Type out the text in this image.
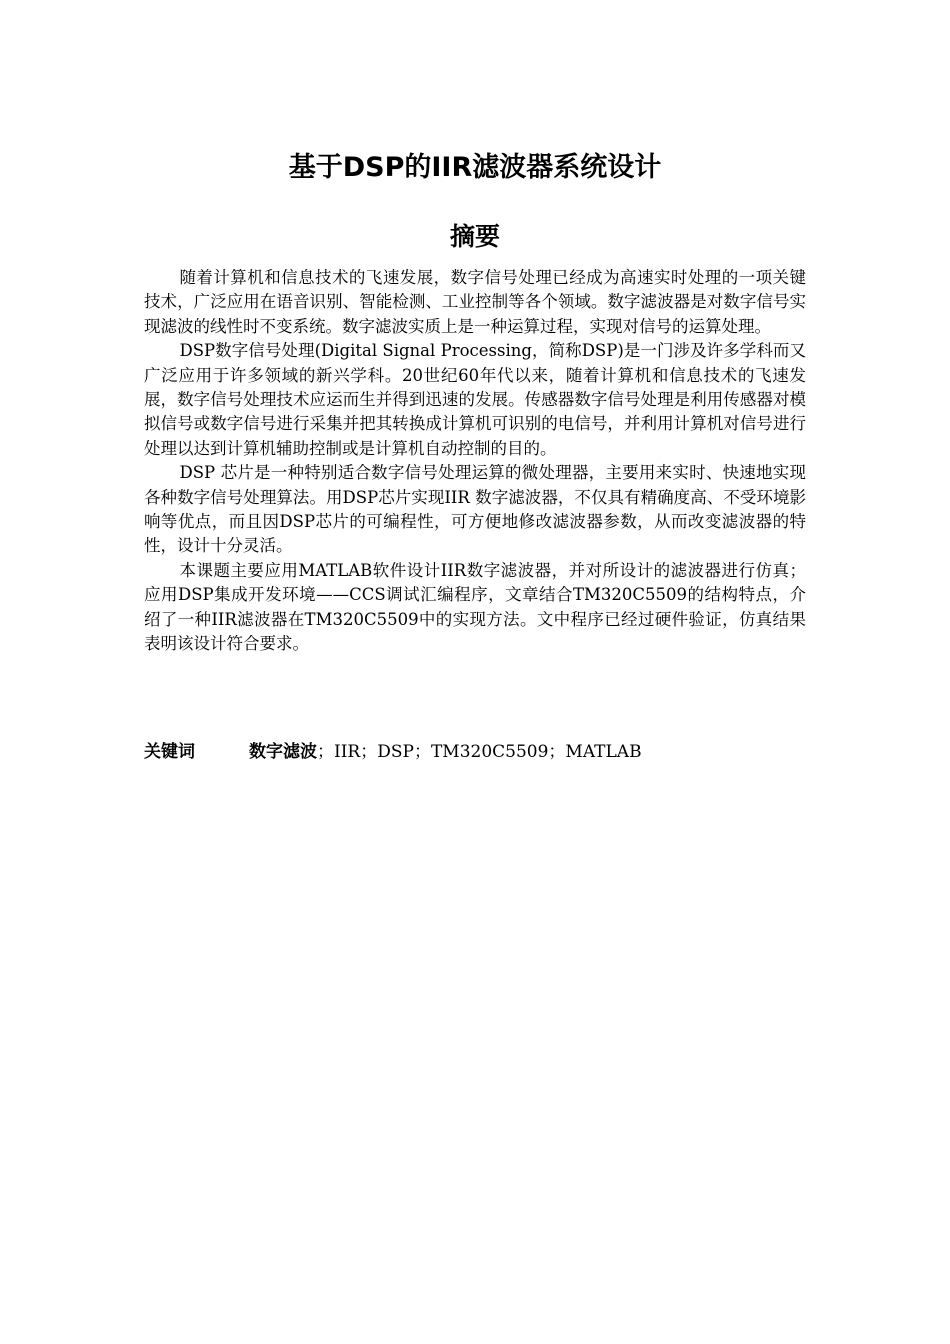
基于DSP的IIR滤波器系统设计
摘要

随着计算机和信息技术的飞速发展，数字信号处理已经成为高速实时处理的一项关键技术，广泛应用在语音识别、智能检测、工业控制等各个领域。数字滤波器是对数字信号实现滤波的线性时不变系统。数字滤波实质上是一种运算过程，实现对信号的运算处理。

DSP数字信号处理(Digital Signal Processing，简称DSP)是一门涉及许多学科而又广泛应用于许多领域的新兴学科。20世纪60年代以来，随着计算机和信息技术的飞速发展，数字信号处理技术应运而生并得到迅速的发展。传感器数字信号处理是利用传感器对模拟信号或数字信号进行采集并把其转换成计算机可识别的电信号，并利用计算机对信号进行处理以达到计算机辅助控制或是计算机自动控制的目的。

DSP 芯片是一种特别适合数字信号处理运算的微处理器，主要用来实时、快速地实现各种数字信号处理算法。用DSP芯片实现IIR 数字滤波器，不仅具有精确度高、不受环境影响等优点，而且因DSP芯片的可编程性，可方便地修改滤波器参数，从而改变滤波器的特性，设计十分灵活。

本课题主要应用MATLAB软件设计IIR数字滤波器，并对所设计的滤波器进行仿真；应用DSP集成开发环境——CCS调试汇编程序，文章结合TM320C5509的结构特点，介绍了一种IIR滤波器在TM320C5509中的实现方法。文中程序已经过硬件验证，仿真结果表明该设计符合要求。

关键词	数字滤波；IIR；DSP；TM320C5509；MATLAB
